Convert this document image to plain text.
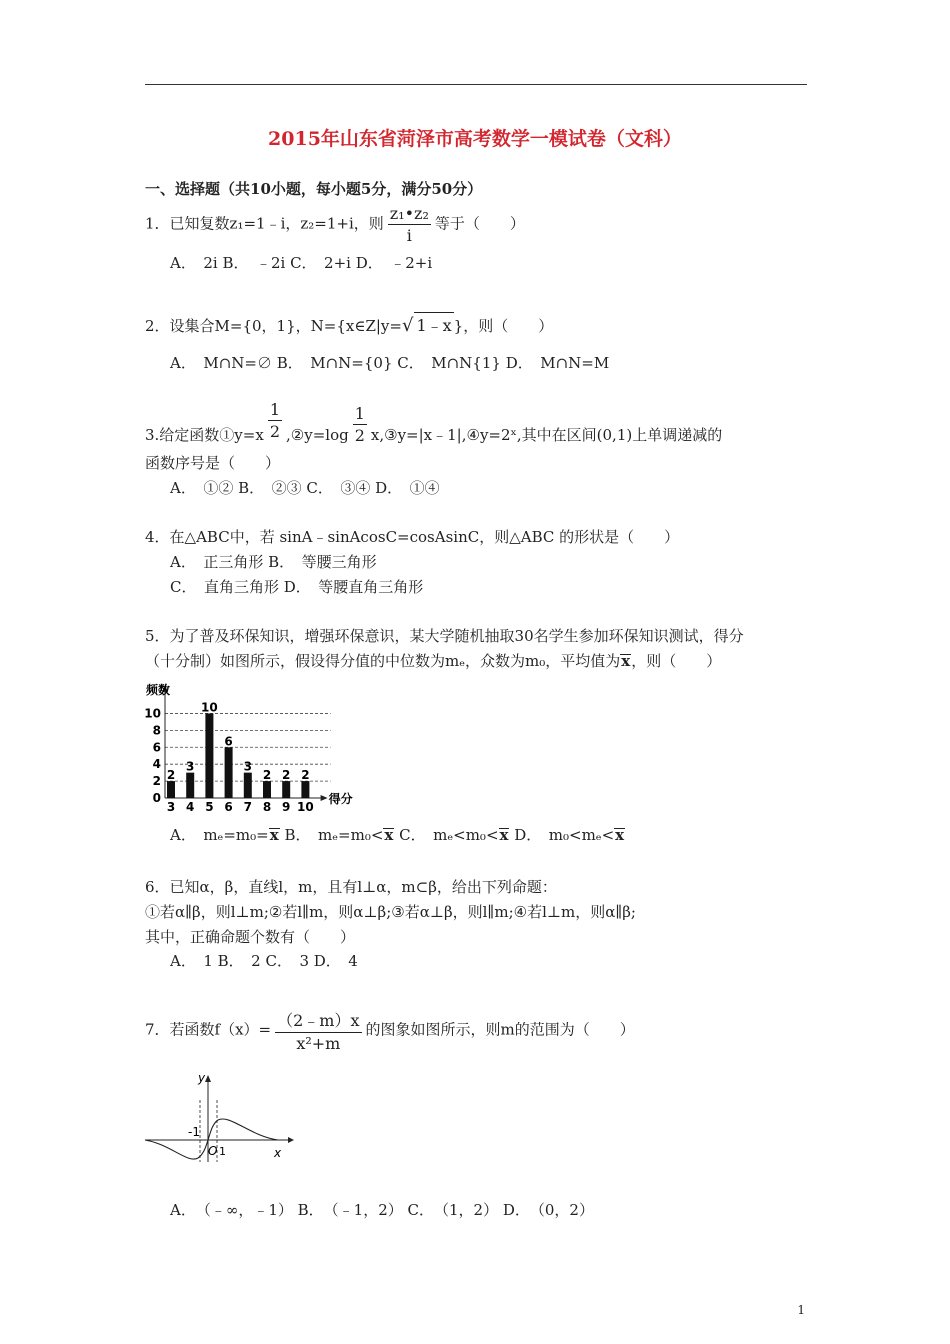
2015年山东省菏泽市高考数学一模试卷（文科）
一、选择题（共10小题，每小题5分，满分50分）
1．已知复数z₁=1﹣i，z₂=1+i，则 $\frac{\text{z₁•z₂}}{i}$ 等于（　　）
A．　2i B．　﹣2i C．　2+i D．　﹣2+i
2．设集合M={0，1}，N={x∈Z|y=√ 1﹣x }，则（　　）
A．　M∩N=∅ B．　M∩N={0} C．　M∩N{1} D．　M∩N=M
3.给定函数①y=x $\frac{1}{2}$ ,②y=log $\frac{1}{2}$ x,③y=|x﹣1|,④y=2ˣ,其中在区间(0,1)上单调递减的
函数序号是（　　）
A．　①② B．　②③ C．　③④ D．　①④
4．在△ABC中，若 sinA﹣sinAcosC=cosAsinC，则△ABC 的形状是（　　）
A．　正三角形 B．　等腰三角形
C．　直角三角形 D．　等腰直角三角形
5．为了普及环保知识，增强环保意识，某大学随机抽取30名学生参加环保知识测试，得分
（十分制）如图所示，假设得分值的中位数为mₑ，众数为m₀，平均值为x，则（　　）
0
2
4
6
8
10
频数
得分
2
3
3
4
10
5
6
6
3
7
2
8
2
9
2
10
A．　mₑ=m₀=x B．　mₑ=m₀<x C．　mₑ<m₀<x D．　m₀<mₑ<x
6．已知α，β，直线l，m，且有l⊥α，m⊂β，给出下列命题：
①若α∥β，则l⊥m;②若l∥m，则α⊥β;③若α⊥β，则l∥m;④若l⊥m，则α∥β;
其中，正确命题个数有（　　）
A．　1 B．　2 C．　3 D．　4
7．若函数$f(x)= \frac{(2﹣m)x}{\text{x²+m}}$ 的图象如图所示，则m的范围为（　　）
y
x
-1
O 1
A．　（﹣∞，﹣1） B．　（﹣1，2） C．　（1，2） D．　（0，2）
1
